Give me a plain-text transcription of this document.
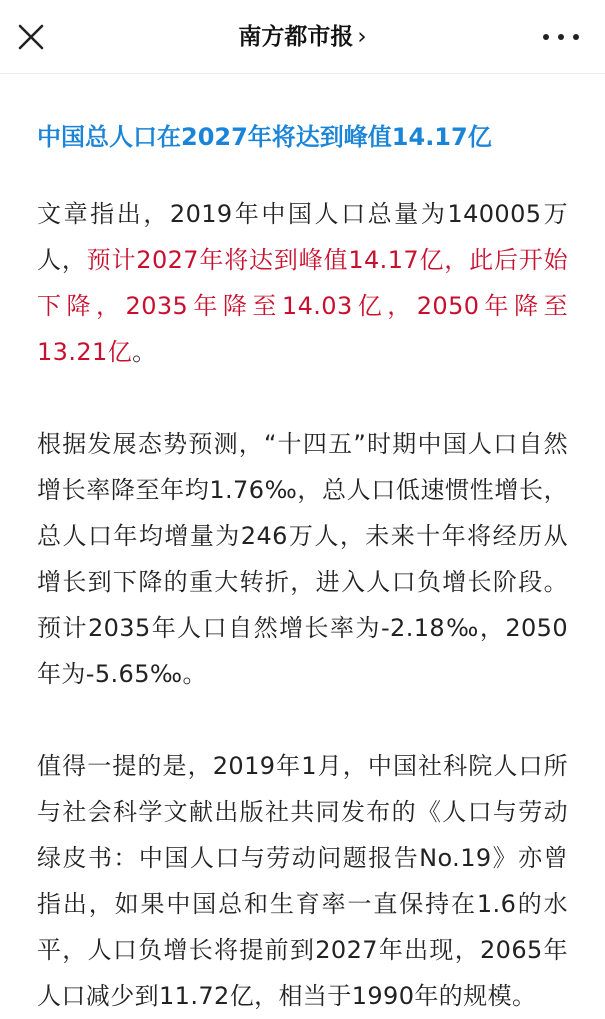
南方都市报 ›
中国总人口在2027年将达到峰值14.17亿

文章指出，2019年中国人口总量为140005万人，预计2027年将达到峰值14.17亿，此后开始下降，2035年降至14.03亿，2050年降至13.21亿。

根据发展态势预测，“十四五”时期中国人口自然增长率降至年均1.76‰，总人口低速惯性增长，总人口年均增量为246万人，未来十年将经历从增长到下降的重大转折，进入人口负增长阶段。预计2035年人口自然增长率为-2.18‰，2050年为-5.65‰。

值得一提的是，2019年1月，中国社科院人口所与社会科学文献出版社共同发布的《人口与劳动绿皮书：中国人口与劳动问题报告No.19》亦曾指出，如果中国总和生育率一直保持在1.6的水平，人口负增长将提前到2027年出现，2065年人口减少到11.72亿，相当于1990年的规模。
